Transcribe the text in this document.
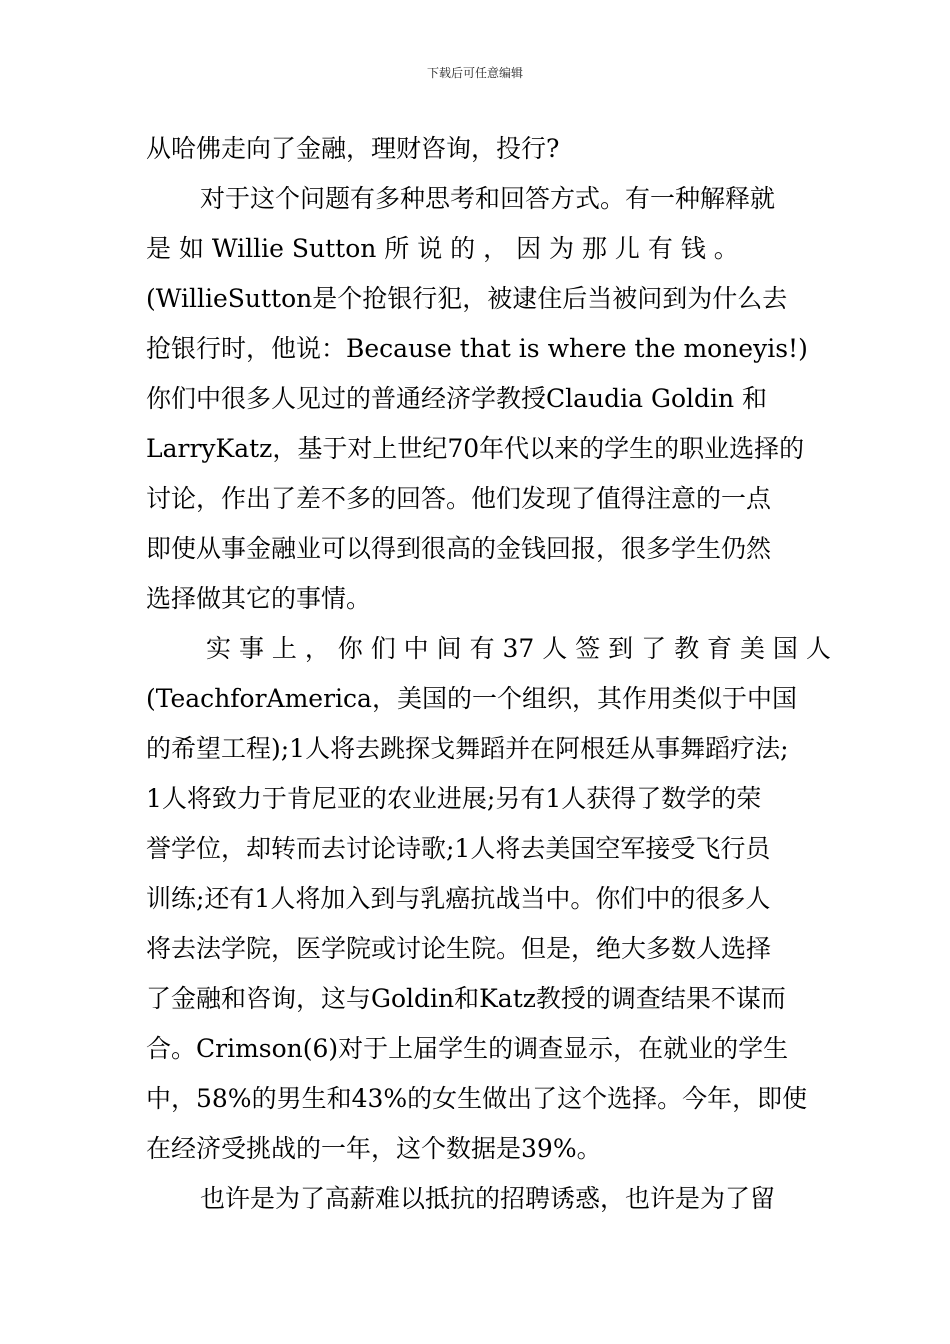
下载后可任意编辑
从哈佛走向了金融，理财咨询，投行?
对于这个问题有多种思考和回答方式。有一种解释就
是 如 Willie Sutton 所 说 的 ， 因 为 那 儿 有 钱 。
(WillieSutton是个抢银行犯，被逮住后当被问到为什么去
抢银行时，他说：Because that is where the moneyis!)
你们中很多人见过的普通经济学教授Claudia Goldin 和
LarryKatz，基于对上世纪70年代以来的学生的职业选择的
讨论，作出了差不多的回答。他们发现了值得注意的一点
即使从事金融业可以得到很高的金钱回报，很多学生仍然
选择做其它的事情。
实 事 上 ， 你 们 中 间 有 37 人 签 到 了 教 育 美 国 人
(TeachforAmerica，美国的一个组织，其作用类似于中国
的希望工程);1人将去跳探戈舞蹈并在阿根廷从事舞蹈疗法;
1人将致力于肯尼亚的农业进展;另有1人获得了数学的荣
誉学位，却转而去讨论诗歌;1人将去美国空军接受飞行员
训练;还有1人将加入到与乳癌抗战当中。你们中的很多人
将去法学院，医学院或讨论生院。但是，绝大多数人选择
了金融和咨询，这与Goldin和Katz教授的调查结果不谋而
合。Crimson(6)对于上届学生的调查显示，在就业的学生
中，58%的男生和43%的女生做出了这个选择。今年，即使
在经济受挑战的一年，这个数据是39%。
也许是为了高薪难以抵抗的招聘诱惑，也许是为了留
